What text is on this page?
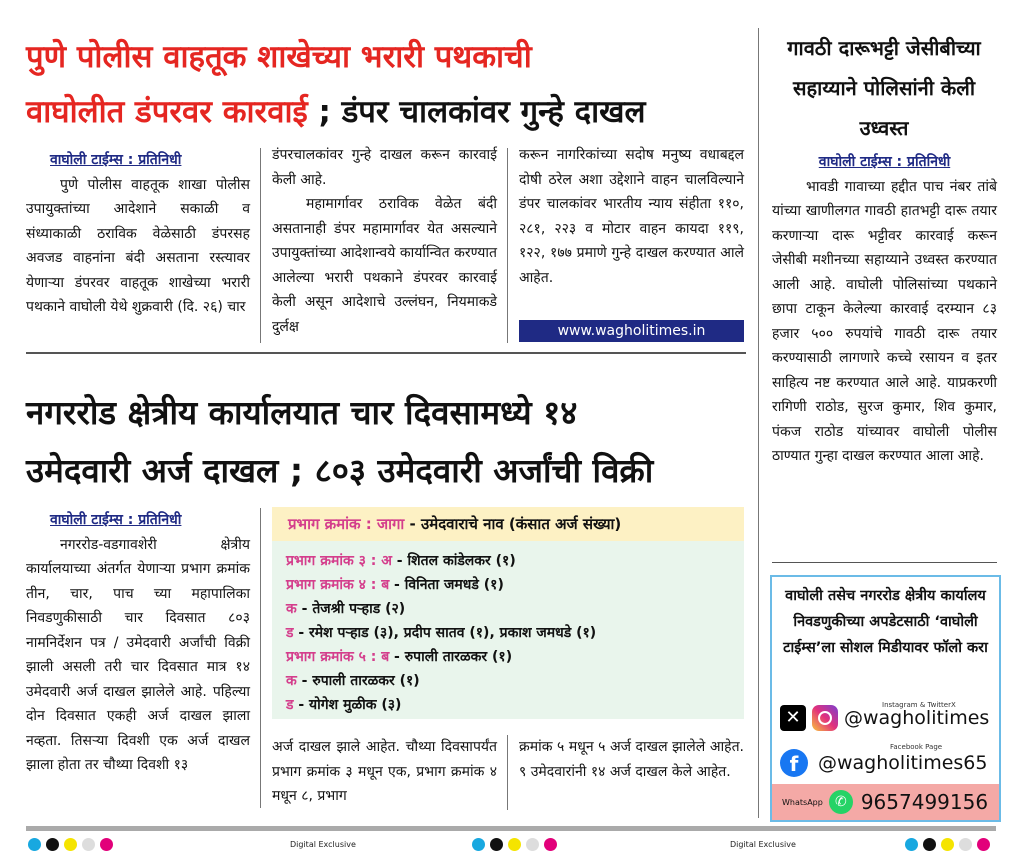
पुणे पोलीस वाहतूक शाखेच्या भरारी पथकाची
वाघोलीत डंपरवर कारवाई ; डंपर चालकांवर गुन्हे दाखल
वाघोली टाईम्स : प्रतिनिधी

पुणे पोलीस वाहतूक शाखा पोलीस उपायुक्तांच्या आदेशाने सकाळी व संध्याकाळी ठराविक वेळेसाठी डंपरसह अवजड वाहनांना बंदी असताना रस्त्यावर येणाऱ्या डंपरवर वाहतूक शाखेच्या भरारी पथकाने वाघोली येथे शुक्रवारी (दि. २६) चार

डंपरचालकांवर गुन्हे दाखल करून कारवाई केली आहे.

महामार्गावर ठराविक वेळेत बंदी असतानाही डंपर महामार्गावर येत असल्याने उपायुक्तांच्या आदेशान्वये कार्यान्वित करण्यात आलेल्या भरारी पथकाने डंपरवर कारवाई केली असून आदेशाचे उल्लंघन, नियमाकडे दुर्लक्ष

करून नागरिकांच्या सदोष मनुष्य वधाबद्दल दोषी ठरेल अशा उद्देशाने वाहन चालविल्याने डंपर चालकांवर भारतीय न्याय संहीता ११०, २८१, २२३ व मोटार वाहन कायदा ११९, १२२, १७७ प्रमाणे गुन्हे दाखल करण्यात आले आहेत.

www.wagholitimes.in
नगररोड क्षेत्रीय कार्यालयात चार दिवसामध्ये १४
उमेदवारी अर्ज दाखल ; ८०३ उमेदवारी अर्जांची विक्री
वाघोली टाईम्स : प्रतिनिधी

नगररोड-वडगावशेरी क्षेत्रीय कार्यालयाच्या अंतर्गत येणाऱ्या प्रभाग क्रमांक तीन, चार, पाच च्या महापालिका निवडणुकीसाठी चार दिवसात ८०३ नामनिर्देशन पत्र / उमेदवारी अर्जांची विक्री झाली असली तरी चार दिवसात मात्र १४ उमेदवारी अर्ज दाखल झालेले आहे. पहिल्या दोन दिवसात एकही अर्ज दाखल झाला नव्हता. तिसऱ्या दिवशी एक अर्ज दाखल झाला होता तर चौथ्या दिवशी १३

प्रभाग क्रमांक : जागा - उमेदवाराचे नाव (कंसात अर्ज संख्या)
प्रभाग क्रमांक ३ : अ - शितल कांडेलकर (१)
प्रभाग क्रमांक ४ : ब - विनिता जमधडे (१)
क - तेजश्री पऱ्हाड (२)
ड - रमेश पऱ्हाड (३), प्रदीप सातव (१), प्रकाश जमधडे (१)
प्रभाग क्रमांक ५ : ब - रुपाली तारळकर (१)
क - रुपाली तारळकर (१)
ड - योगेश मुळीक (३)

अर्ज दाखल झाले आहेत. चौथ्या दिवसापर्यंत प्रभाग क्रमांक ३ मधून एक, प्रभाग क्रमांक ४ मधून ८, प्रभाग

क्रमांक ५ मधून ५ अर्ज दाखल झालेले आहेत. ९ उमेदवारांनी १४ अर्ज दाखल केले आहेत.

गावठी दारूभट्टी जेसीबीच्या सहाय्याने पोलिसांनी केली उध्वस्त
वाघोली टाईम्स : प्रतिनिधी

भावडी गावाच्या हद्दीत पाच नंबर तांबे यांच्या खाणीलगत गावठी हातभट्टी दारू तयार करणाऱ्या दारू भट्टीवर कारवाई करून जेसीबी मशीनच्या सहाय्याने उध्वस्त करण्यात आली आहे. वाघोली पोलिसांच्या पथकाने छापा टाकून केलेल्या कारवाई दरम्यान ८३ हजार ५०० रुपयांचे गावठी दारू तयार करण्यासाठी लागणारे कच्चे रसायन व इतर साहित्य नष्ट करण्यात आले आहे. याप्रकरणी रागिणी राठोड, सुरज कुमार, शिव कुमार, पंकज राठोड यांच्यावर वाघोली पोलीस ठाण्यात गुन्हा दाखल करण्यात आला आहे.

वाघोली तसेच नगररोड क्षेत्रीय कार्यालय निवडणुकीच्या अपडेटसाठी ‘वाघोली टाईम्स’ला सोशल मिडीयावर फॉलो करा
Instagram & TwitterX
✕ @wagholitimes
Facebook Page
f	@wagholitimes65
WhatsApp ✆ 9657499156
Digital Exclusive	Digital Exclusive
